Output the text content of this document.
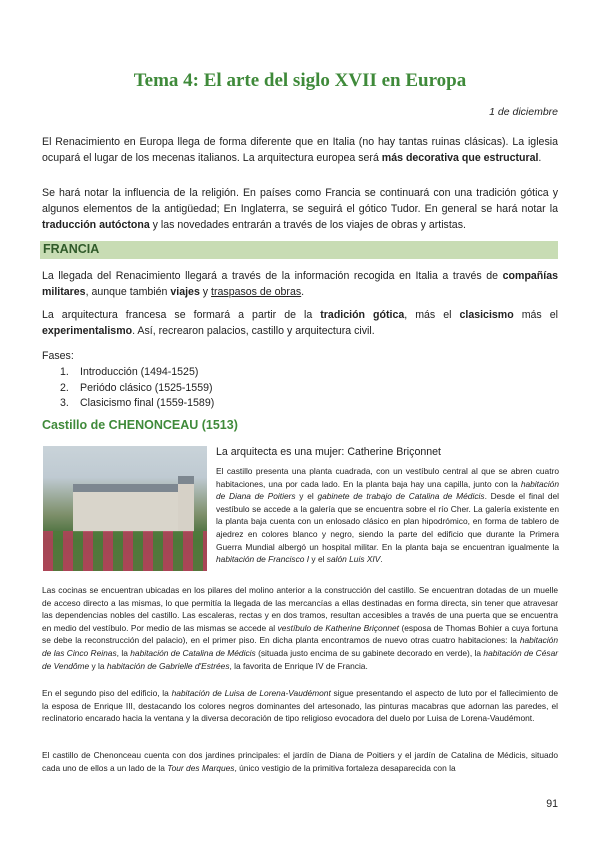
Tema 4: El arte del siglo XVII en Europa
1 de diciembre
El Renacimiento en Europa llega de forma diferente que en Italia (no hay tantas ruinas clásicas). La iglesia ocupará el lugar de los mecenas italianos. La arquitectura europea será más decorativa que estructural.
Se hará notar la influencia de la religión. En países como Francia se continuará con una tradición gótica y algunos elementos de la antigüedad; En Inglaterra, se seguirá el gótico Tudor. En general se hará notar la traducción autóctona y las novedades entrarán a través de los viajes de obras y artistas.
FRANCIA
La llegada del Renacimiento llegará a través de la información recogida en Italia a través de compañías militares, aunque también viajes y traspasos de obras.
La arquitectura francesa se formará a partir de la tradición gótica, más el clasicismo más el experimentalismo. Así, recrearon palacios, castillo y arquitectura civil.
Fases:
1. Introducción (1494-1525)
2. Periódo clásico (1525-1559)
3. Clasicismo final (1559-1589)
Castillo de CHENONCEAU (1513)
La arquitecta es una mujer: Catherine Briçonnet
El castillo presenta una planta cuadrada, con un vestíbulo central al que se abren cuatro habitaciones, una por cada lado. En la planta baja hay una capilla, junto con la habitación de Diana de Poitiers y el gabinete de trabajo de Catalina de Médicis. Desde el final del vestíbulo se accede a la galería que se encuentra sobre el río Cher. La galería existente en la planta baja cuenta con un enlosado clásico en plan hipodrómico, en forma de tablero de ajedrez en colores blanco y negro, siendo la parte del edificio que durante la Primera Guerra Mundial albergó un hospital militar. En la planta baja se encuentran igualmente la habitación de Francisco I y el salón Luis XIV.
Las cocinas se encuentran ubicadas en los pilares del molino anterior a la construcción del castillo. Se encuentran dotadas de un muelle de acceso directo a las mismas, lo que permitía la llegada de las mercancías a ellas destinadas en forma directa, sin tener que atravesar las dependencias nobles del castillo. Las escaleras, rectas y en dos tramos, resultan accesibles a través de una puerta que se encuentra en medio del vestíbulo. Por medio de las mismas se accede al vestíbulo de Katherine Briçonnet (esposa de Thomas Bohier a cuya fortuna se debe la reconstrucción del palacio), en el primer piso. En dicha planta encontramos de nuevo otras cuatro habitaciones: la habitación de las Cinco Reinas, la habitación de Catalina de Médicis (situada justo encima de su gabinete decorado en verde), la habitación de César de Vendôme y la habitación de Gabrielle d'Estrées, la favorita de Enrique IV de Francia.
En el segundo piso del edificio, la habitación de Luisa de Lorena-Vaudémont sigue presentando el aspecto de luto por el fallecimiento de la esposa de Enrique III, destacando los colores negros dominantes del artesonado, las pinturas macabras que adornan las paredes, el reclinatorio encarado hacia la ventana y la diversa decoración de tipo religioso evocadora del duelo por Luisa de Lorena-Vaudémont.
El castillo de Chenonceau cuenta con dos jardines principales: el jardín de Diana de Poitiers y el jardín de Catalina de Médicis, situado cada uno de ellos a un lado de la Tour des Marques, único vestigio de la primitiva fortaleza desaparecida con la
91
